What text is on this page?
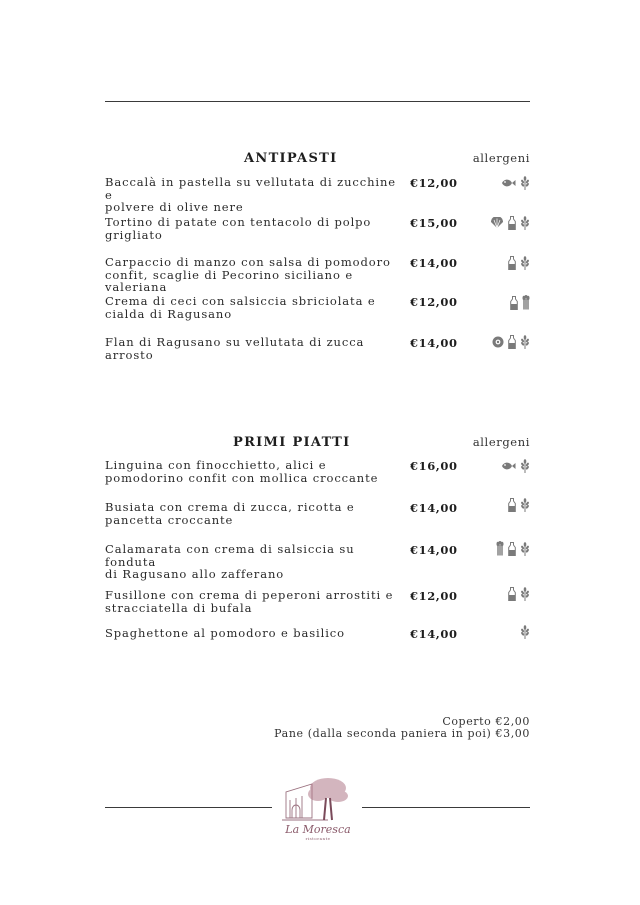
ANTIPASTI	allergeni
Baccalà in pastella su vellutata di zucchine e
polvere di olive nere
€12,00
Tortino di patate con tentacolo di polpo
grigliato
€15,00
Carpaccio di manzo con salsa di pomodoro
confit, scaglie di Pecorino siciliano e valeriana
€14,00
Crema di ceci con salsiccia sbriciolata e
cialda di Ragusano
€12,00
Flan di Ragusano su vellutata di zucca arrosto
€14,00
PRIMI PIATTI	allergeni
Linguina con finocchietto, alici e
pomodorino confit con mollica croccante
€16,00
Busiata con crema di zucca, ricotta e
pancetta croccante
€14,00
Calamarata con crema di salsiccia su fonduta
di Ragusano allo zafferano
€14,00
Fusillone con crema di peperoni arrostiti e
stracciatella di bufala
€12,00
Spaghettone al pomodoro e basilico	€14,00
Coperto €2,00
Pane (dalla seconda paniera in poi) €3,00
La Moresca
ristorante
